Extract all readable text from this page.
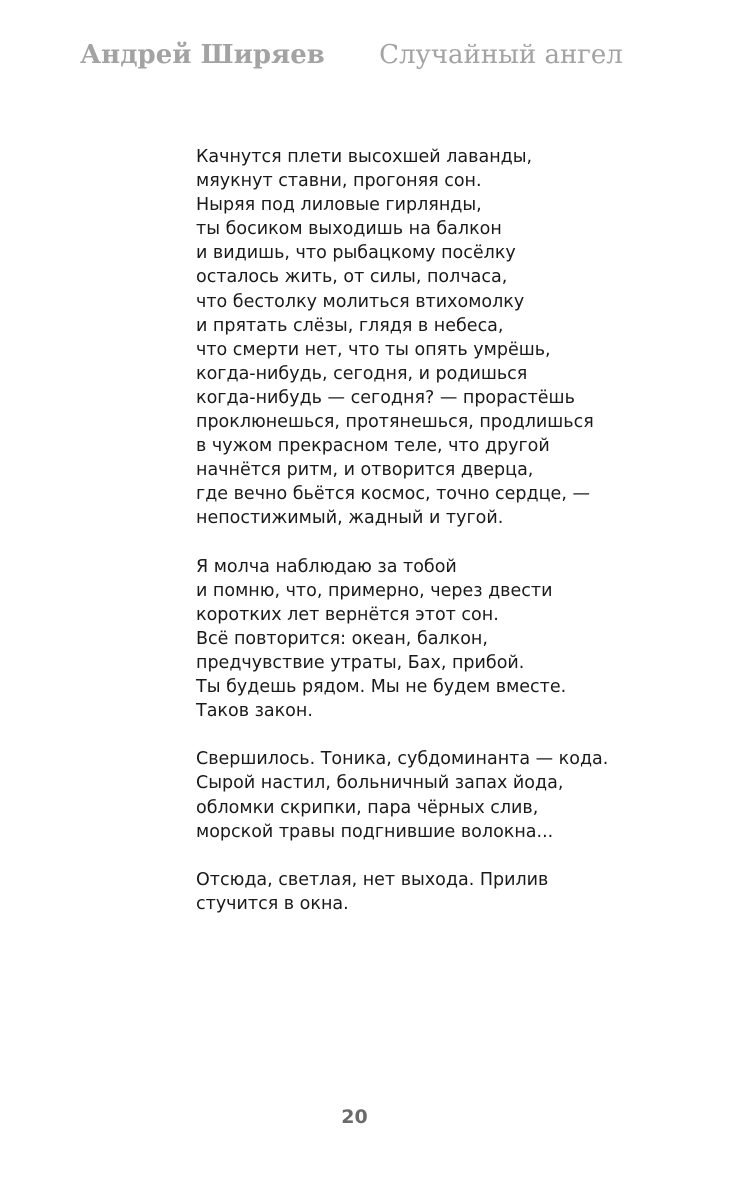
Андрей Ширяев Случайный ангел
Качнутся плети высохшей лаванды,
мяукнут ставни, прогоняя сон.
Ныряя под лиловые гирлянды,
ты босиком выходишь на балкон
и видишь, что рыбацкому посёлку
осталось жить, от силы, полчаса,
что бестолку молиться втихомолку
и прятать слёзы, глядя в небеса,
что смерти нет, что ты опять умрёшь,
когда-нибудь, сегодня, и родишься
когда-нибудь — сегодня? — прорастёшь
проклюнешься, протянешься, продлишься
в чужом прекрасном теле, что другой
начнётся ритм, и отворится дверца,
где вечно бьётся космос, точно сердце, —
непостижимый, жадный и тугой.
Я молча наблюдаю за тобой
и помню, что, примерно, через двести
коротких лет вернётся этот сон.
Всё повторится: океан, балкон,
предчувствие утраты, Бах, прибой.
Ты будешь рядом. Мы не будем вместе.
Таков закон.
Свершилось. Тоника, субдоминанта — кода.
Сырой настил, больничный запах йода,
обломки скрипки, пара чёрных слив,
морской травы подгнившие волокна...
Отсюда, светлая, нет выхода. Прилив
стучится в окна.
20
